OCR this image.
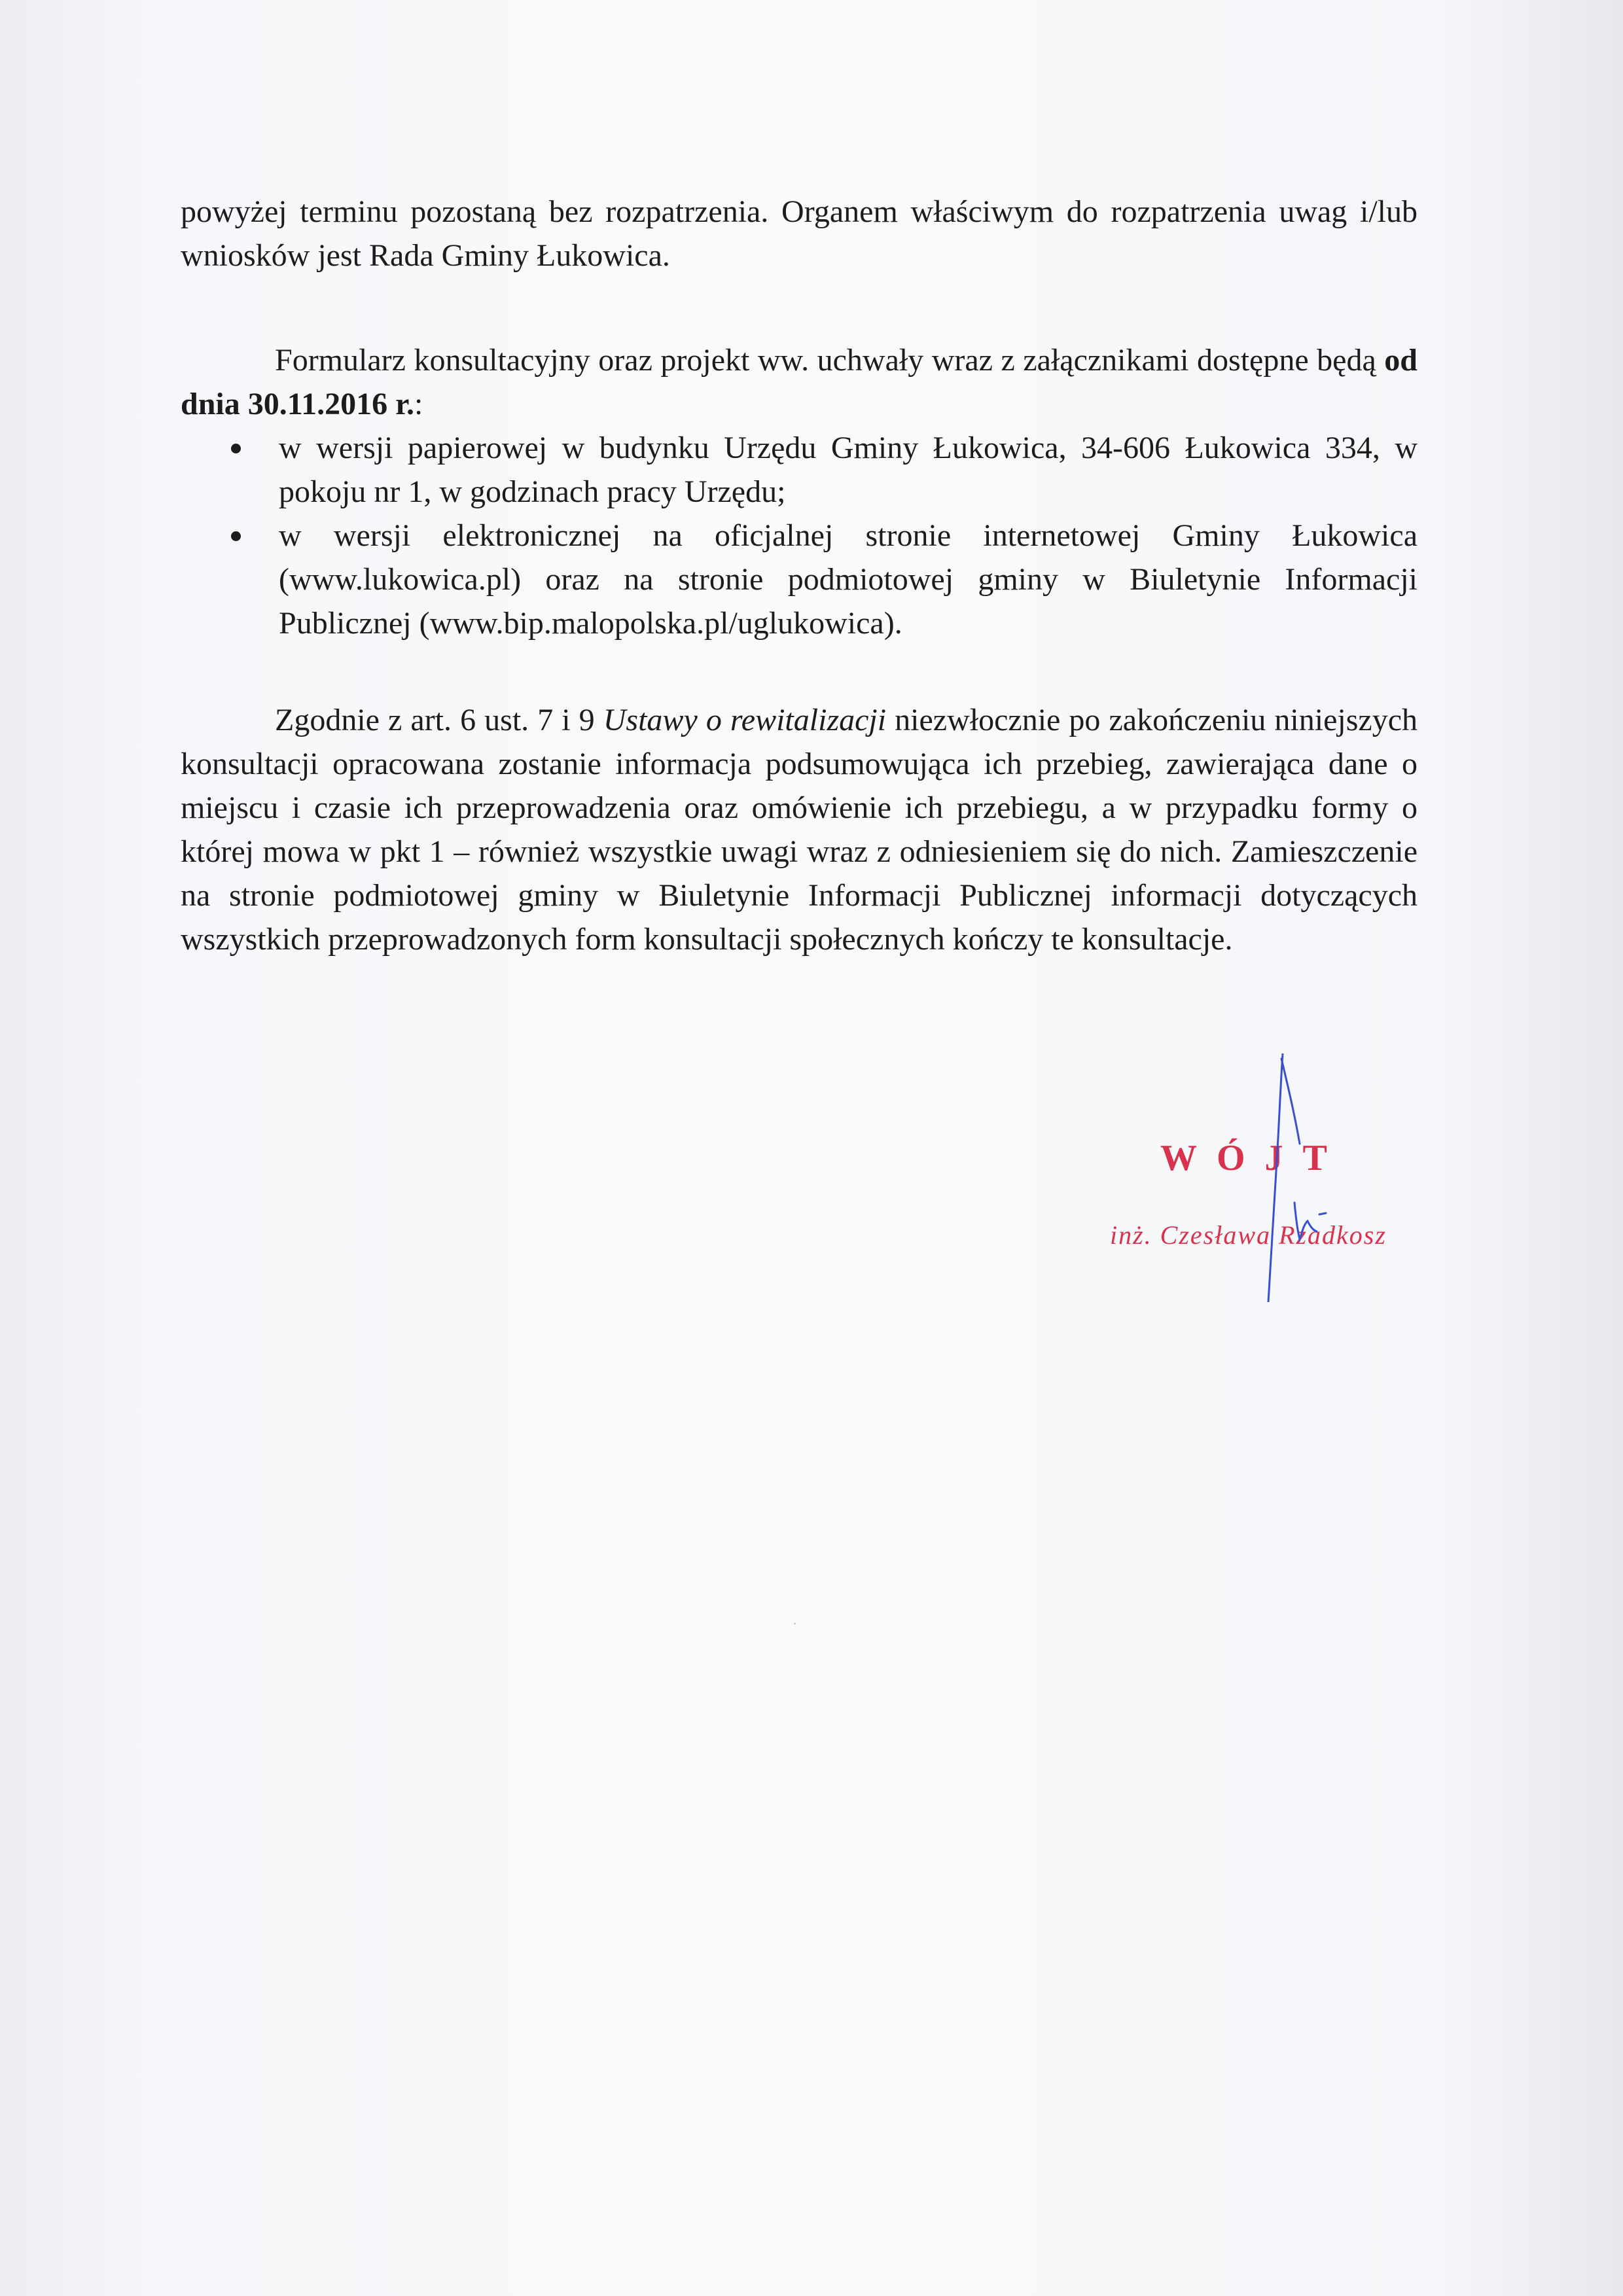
powyżej terminu pozostaną bez rozpatrzenia. Organem właściwym do rozpatrzenia uwag i/lub wniosków jest Rada Gminy Łukowica.

Formularz konsultacyjny oraz projekt ww. uchwały wraz z załącznikami dostępne będą od dnia 30.11.2016 r.:

w wersji papierowej w budynku Urzędu Gminy Łukowica, 34-606 Łukowica 334, w pokoju nr 1, w godzinach pracy Urzędu;
w wersji elektronicznej na oficjalnej stronie internetowej Gminy Łukowica (www.lukowica.pl) oraz na stronie podmiotowej gminy w Biuletynie Informacji Publicznej (www.bip.malopolska.pl/uglukowica).

Zgodnie z art. 6 ust. 7 i 9 Ustawy o rewitalizacji niezwłocznie po zakończeniu niniejszych konsultacji opracowana zostanie informacja podsumowująca ich przebieg, zawierająca dane o miejscu i czasie ich przeprowadzenia oraz omówienie ich przebiegu, a w przypadku formy o której mowa w pkt 1 – również wszystkie uwagi wraz z odniesieniem się do nich. Zamieszczenie na stronie podmiotowej gminy w Biuletynie Informacji Publicznej informacji dotyczących wszystkich przeprowadzonych form konsultacji społecznych kończy te konsultacje.

WÓJT
inż. Czesława Rzadkosz
